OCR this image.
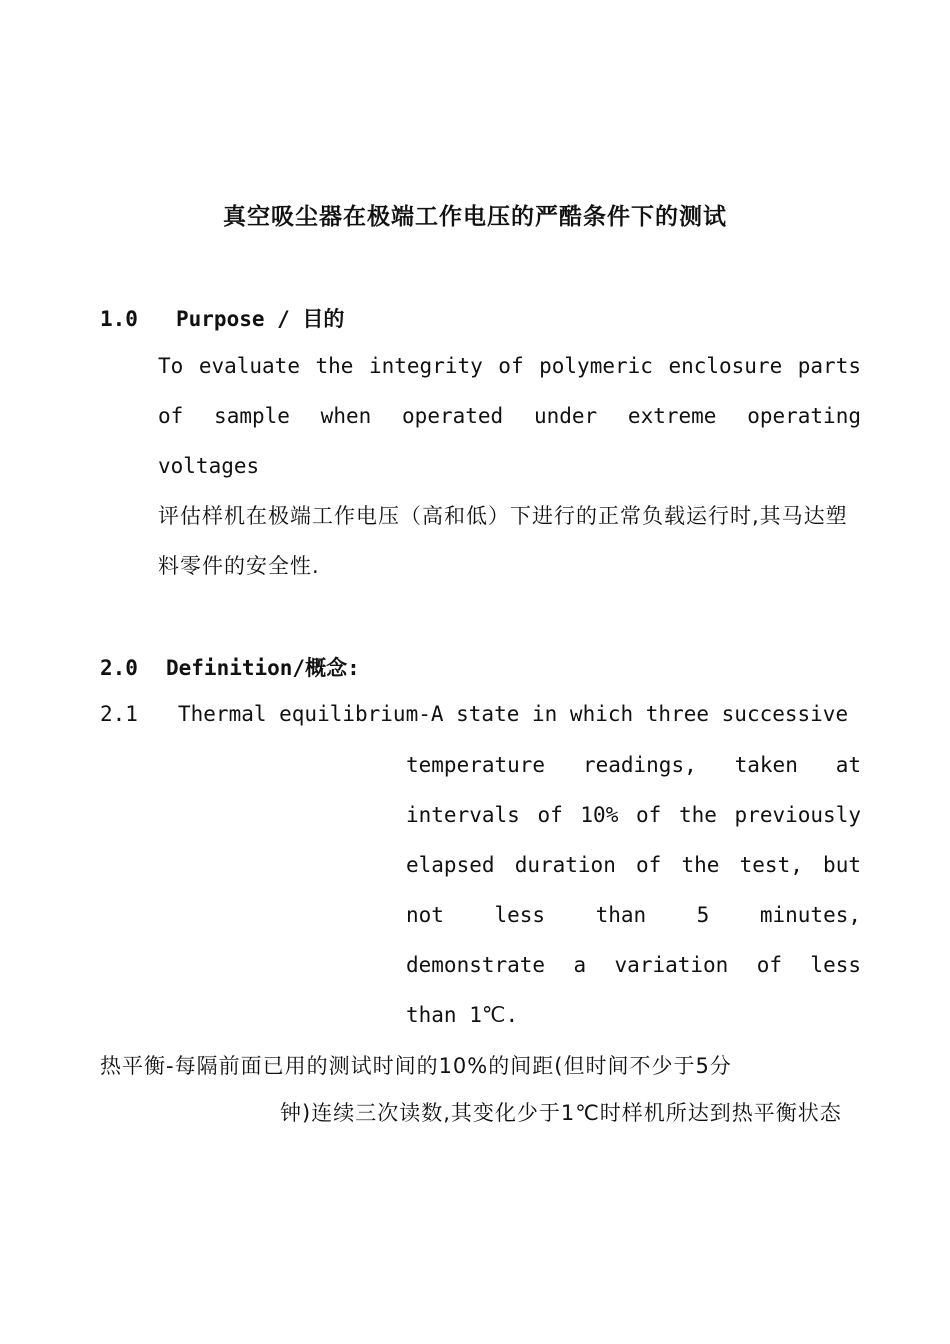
真空吸尘器在极端工作电压的严酷条件下的测试
1.0 Purpose / 目的
To evaluate the integrity of polymeric enclosure parts of sample when operated under extreme operating voltages
评估样机在极端工作电压（高和低）下进行的正常负载运行时,其马达塑料零件的安全性.
2.0 Definition/概念:
2.1 Thermal equilibrium-A state in which three successive
temperature readings, taken at intervals of 10% of the previously elapsed duration of the test, but not less than 5 minutes, demonstrate a variation of less than 1℃.
热平衡-每隔前面已用的测试时间的10%的间距(但时间不少于5分
钟)连续三次读数,其变化少于1℃时样机所达到热平衡状态
